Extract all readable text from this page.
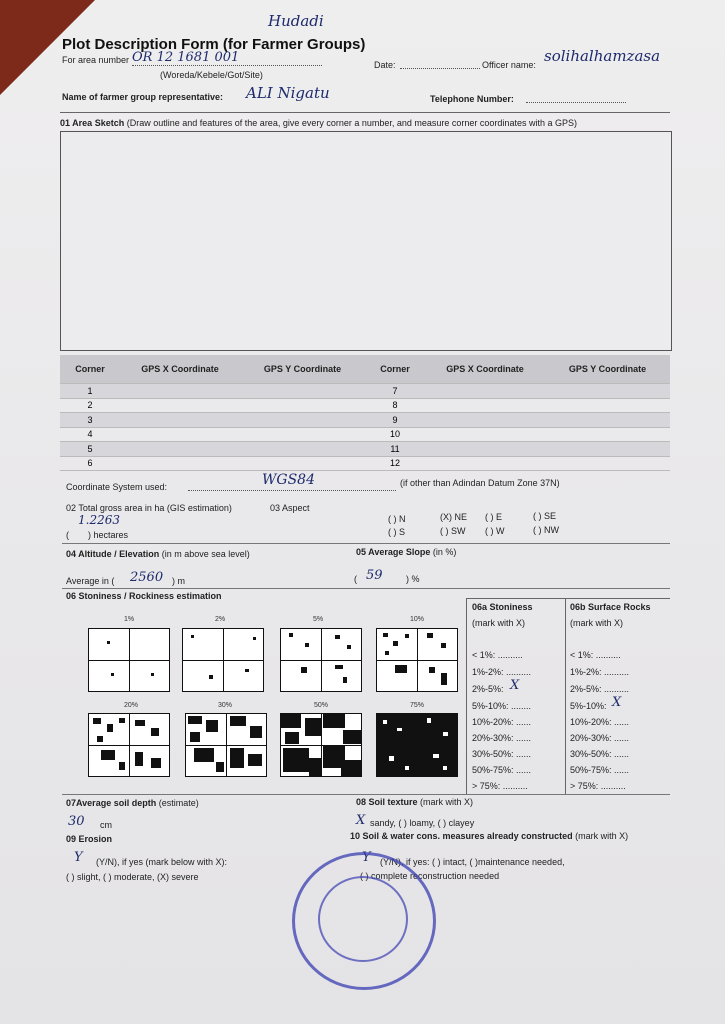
Hudadi
Plot Description Form (for Farmer Groups)
For area number OR 12 1681 001
(Woreda/Kebele/Got/Site)
Date:	Officer name: solihalhamzasa
Name of farmer group representative: ALI Nigatu	Telephone Number:
01 Area Sketch (Draw outline and features of the area, give every corner a number, and measure corner coordinates with a GPS)
Corner	GPS X Coordinate	GPS Y Coordinate	Corner	GPS X Coordinate	GPS Y Coordinate
1			7		
2			8		
3			9		
4			10		
5			11		
6			12		
Coordinate System used:	WGS84	(if other than Adindan Datum Zone 37N)
02 Total gross area in ha (GIS estimation)
1.2263
( ) hectares
03 Aspect
( ) N	(X) NE ( ) E	( ) SE
( ) S	( ) SW ( ) W	( ) NW
04 Altitude / Elevation (in m above sea level)	05 Average Slope (in %)
Average in ( 2560 ) m	( 59	) %
06 Stoniness / Rockiness estimation
1%	2%	5%	10%
20%	30%	50%	75%
06a Stoniness
(mark with X)
06b Surface Rocks
(mark with X)
< 1%: ..........
1%-2%: ..........
2%-5%: X
5%-10%: ........
10%-20%: ......
20%-30%: ......
30%-50%: ......
50%-75%: ......
> 75%: ..........
< 1%: ..........
1%-2%: ..........
2%-5%: ..........
5%-10%: X
10%-20%: ......
20%-30%: ......
30%-50%: ......
50%-75%: ......
> 75%: ..........
07Average soil depth (estimate)	08 Soil texture (mark with X)
30 cm	X sandy, ( ) loamy, ( ) clayey
09 Erosion	10 Soil & water cons. measures already constructed (mark with X)
Y (Y/N), if yes (mark below with X):
( ) slight, ( ) moderate, (X) severe
Y (Y/N), if yes: ( ) intact, ( )maintenance needed,
( ) complete reconstruction needed
